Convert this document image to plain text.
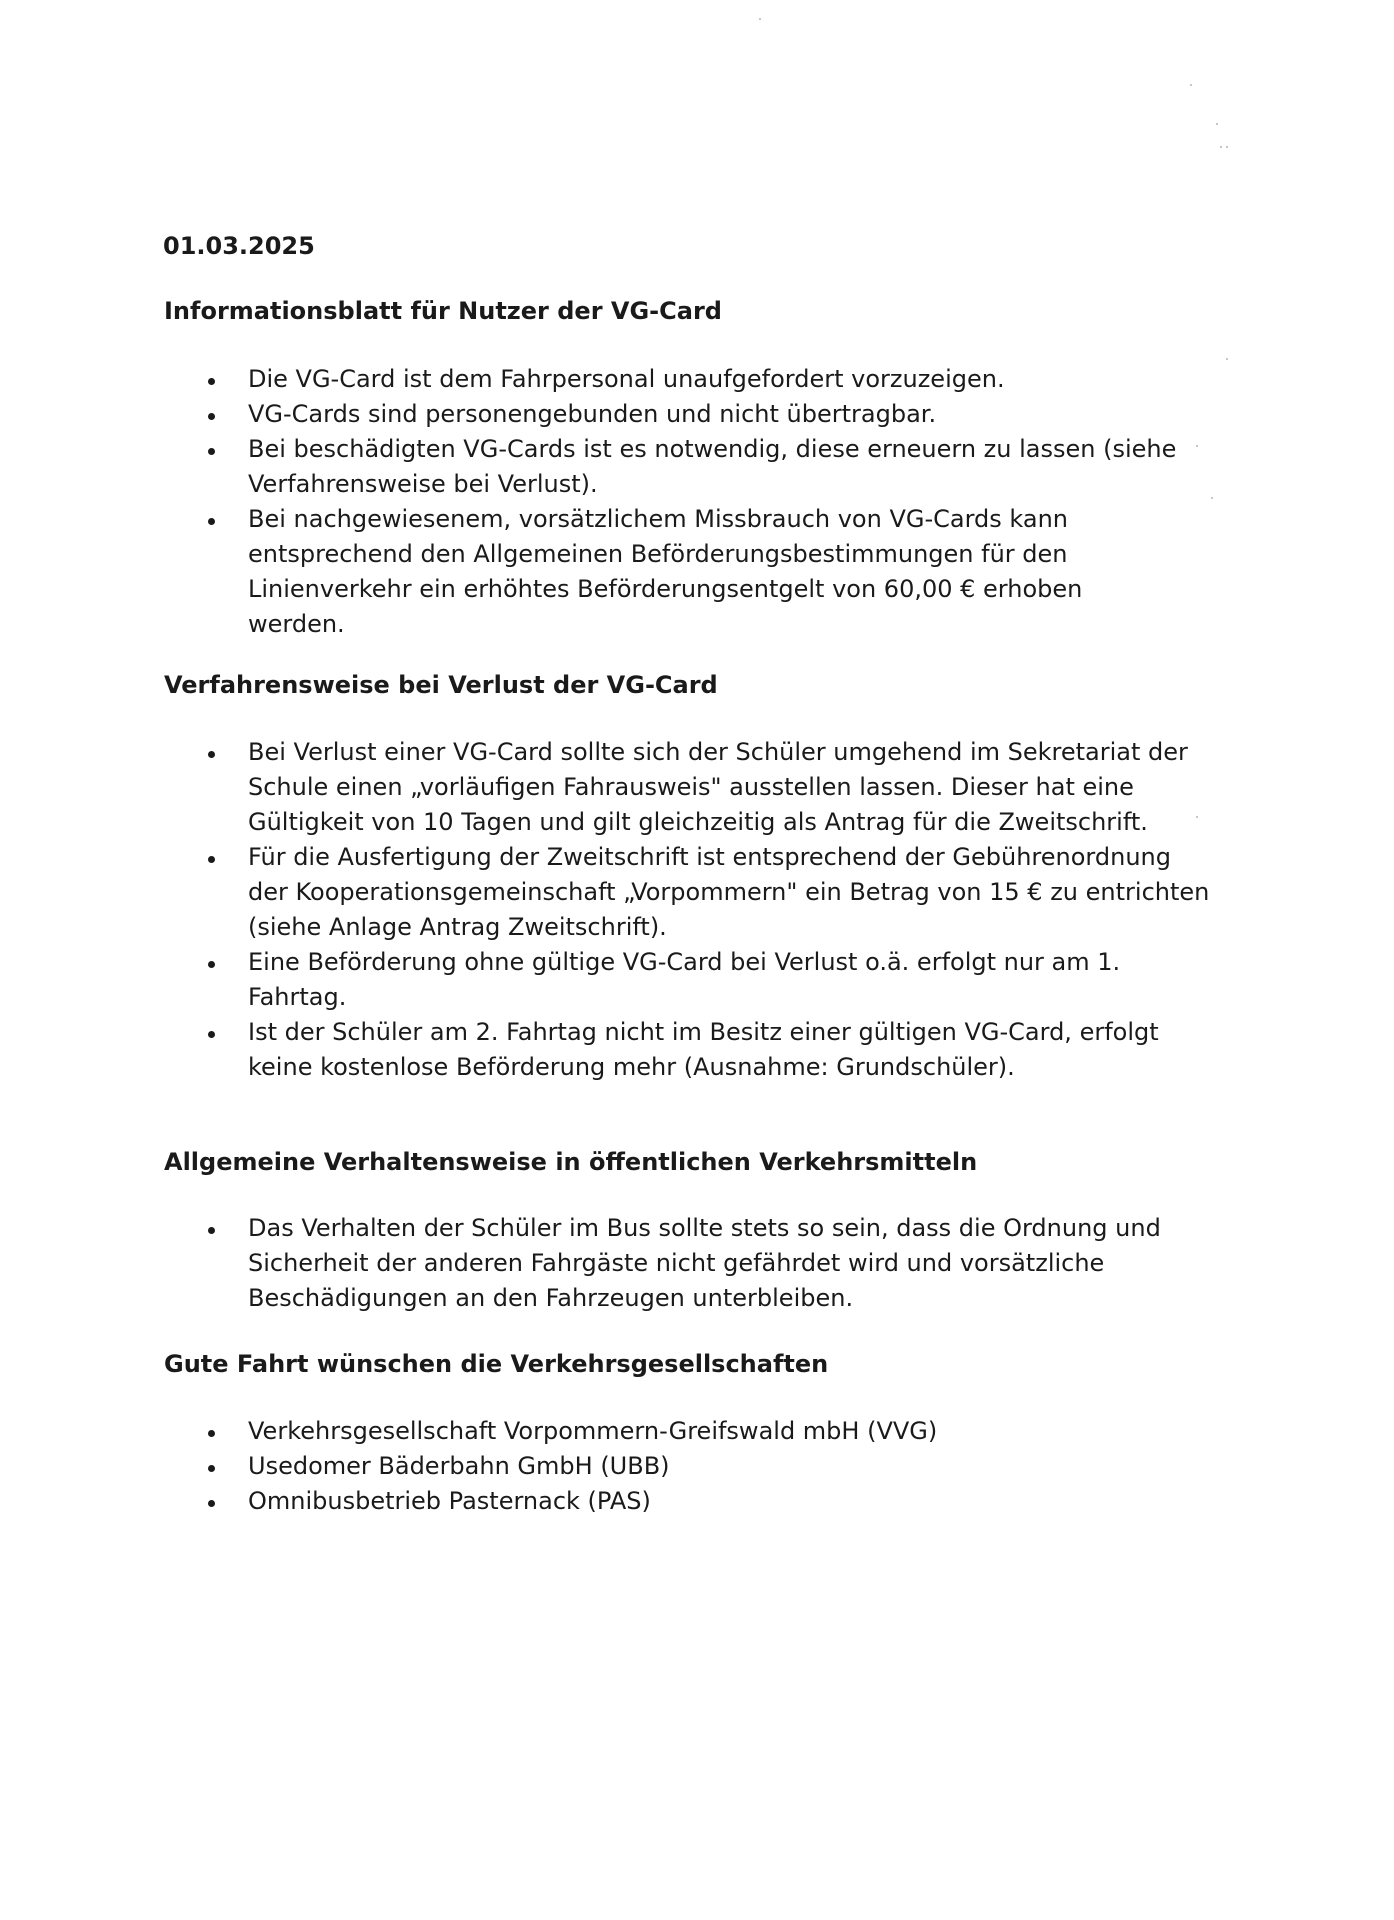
01.03.2025

Informationsblatt für Nutzer der VG-Card
Die VG-Card ist dem Fahrpersonal unaufgefordert vorzuzeigen.
VG-Cards sind personengebunden und nicht übertragbar.
Bei beschädigten VG-Cards ist es notwendig, diese erneuern zu lassen (siehe Verfahrensweise bei Verlust).
Bei nachgewiesenem, vorsätzlichem Missbrauch von VG-Cards kann entsprechend den Allgemeinen Beförderungsbestimmungen für den Linienverkehr ein erhöhtes Beförderungsentgelt von 60,00 € erhoben werden.
Verfahrensweise bei Verlust der VG-Card
Bei Verlust einer VG-Card sollte sich der Schüler umgehend im Sekretariat der Schule einen „vorläufigen Fahrausweis" ausstellen lassen. Dieser hat eine Gültigkeit von 10 Tagen und gilt gleichzeitig als Antrag für die Zweitschrift.
Für die Ausfertigung der Zweitschrift ist entsprechend der Gebührenordnung der Kooperationsgemeinschaft „Vorpommern" ein Betrag von 15 € zu entrichten (siehe Anlage Antrag Zweitschrift).
Eine Beförderung ohne gültige VG-Card bei Verlust o.ä. erfolgt nur am 1. Fahrtag.
Ist der Schüler am 2. Fahrtag nicht im Besitz einer gültigen VG-Card, erfolgt keine kostenlose Beförderung mehr (Ausnahme: Grundschüler).
Allgemeine Verhaltensweise in öffentlichen Verkehrsmitteln
Das Verhalten der Schüler im Bus sollte stets so sein, dass die Ordnung und Sicherheit der anderen Fahrgäste nicht gefährdet wird und vorsätzliche Beschädigungen an den Fahrzeugen unterbleiben.
Gute Fahrt wünschen die Verkehrsgesellschaften
Verkehrsgesellschaft Vorpommern-Greifswald mbH (VVG)
Usedomer Bäderbahn GmbH (UBB)
Omnibusbetrieb Pasternack (PAS)
